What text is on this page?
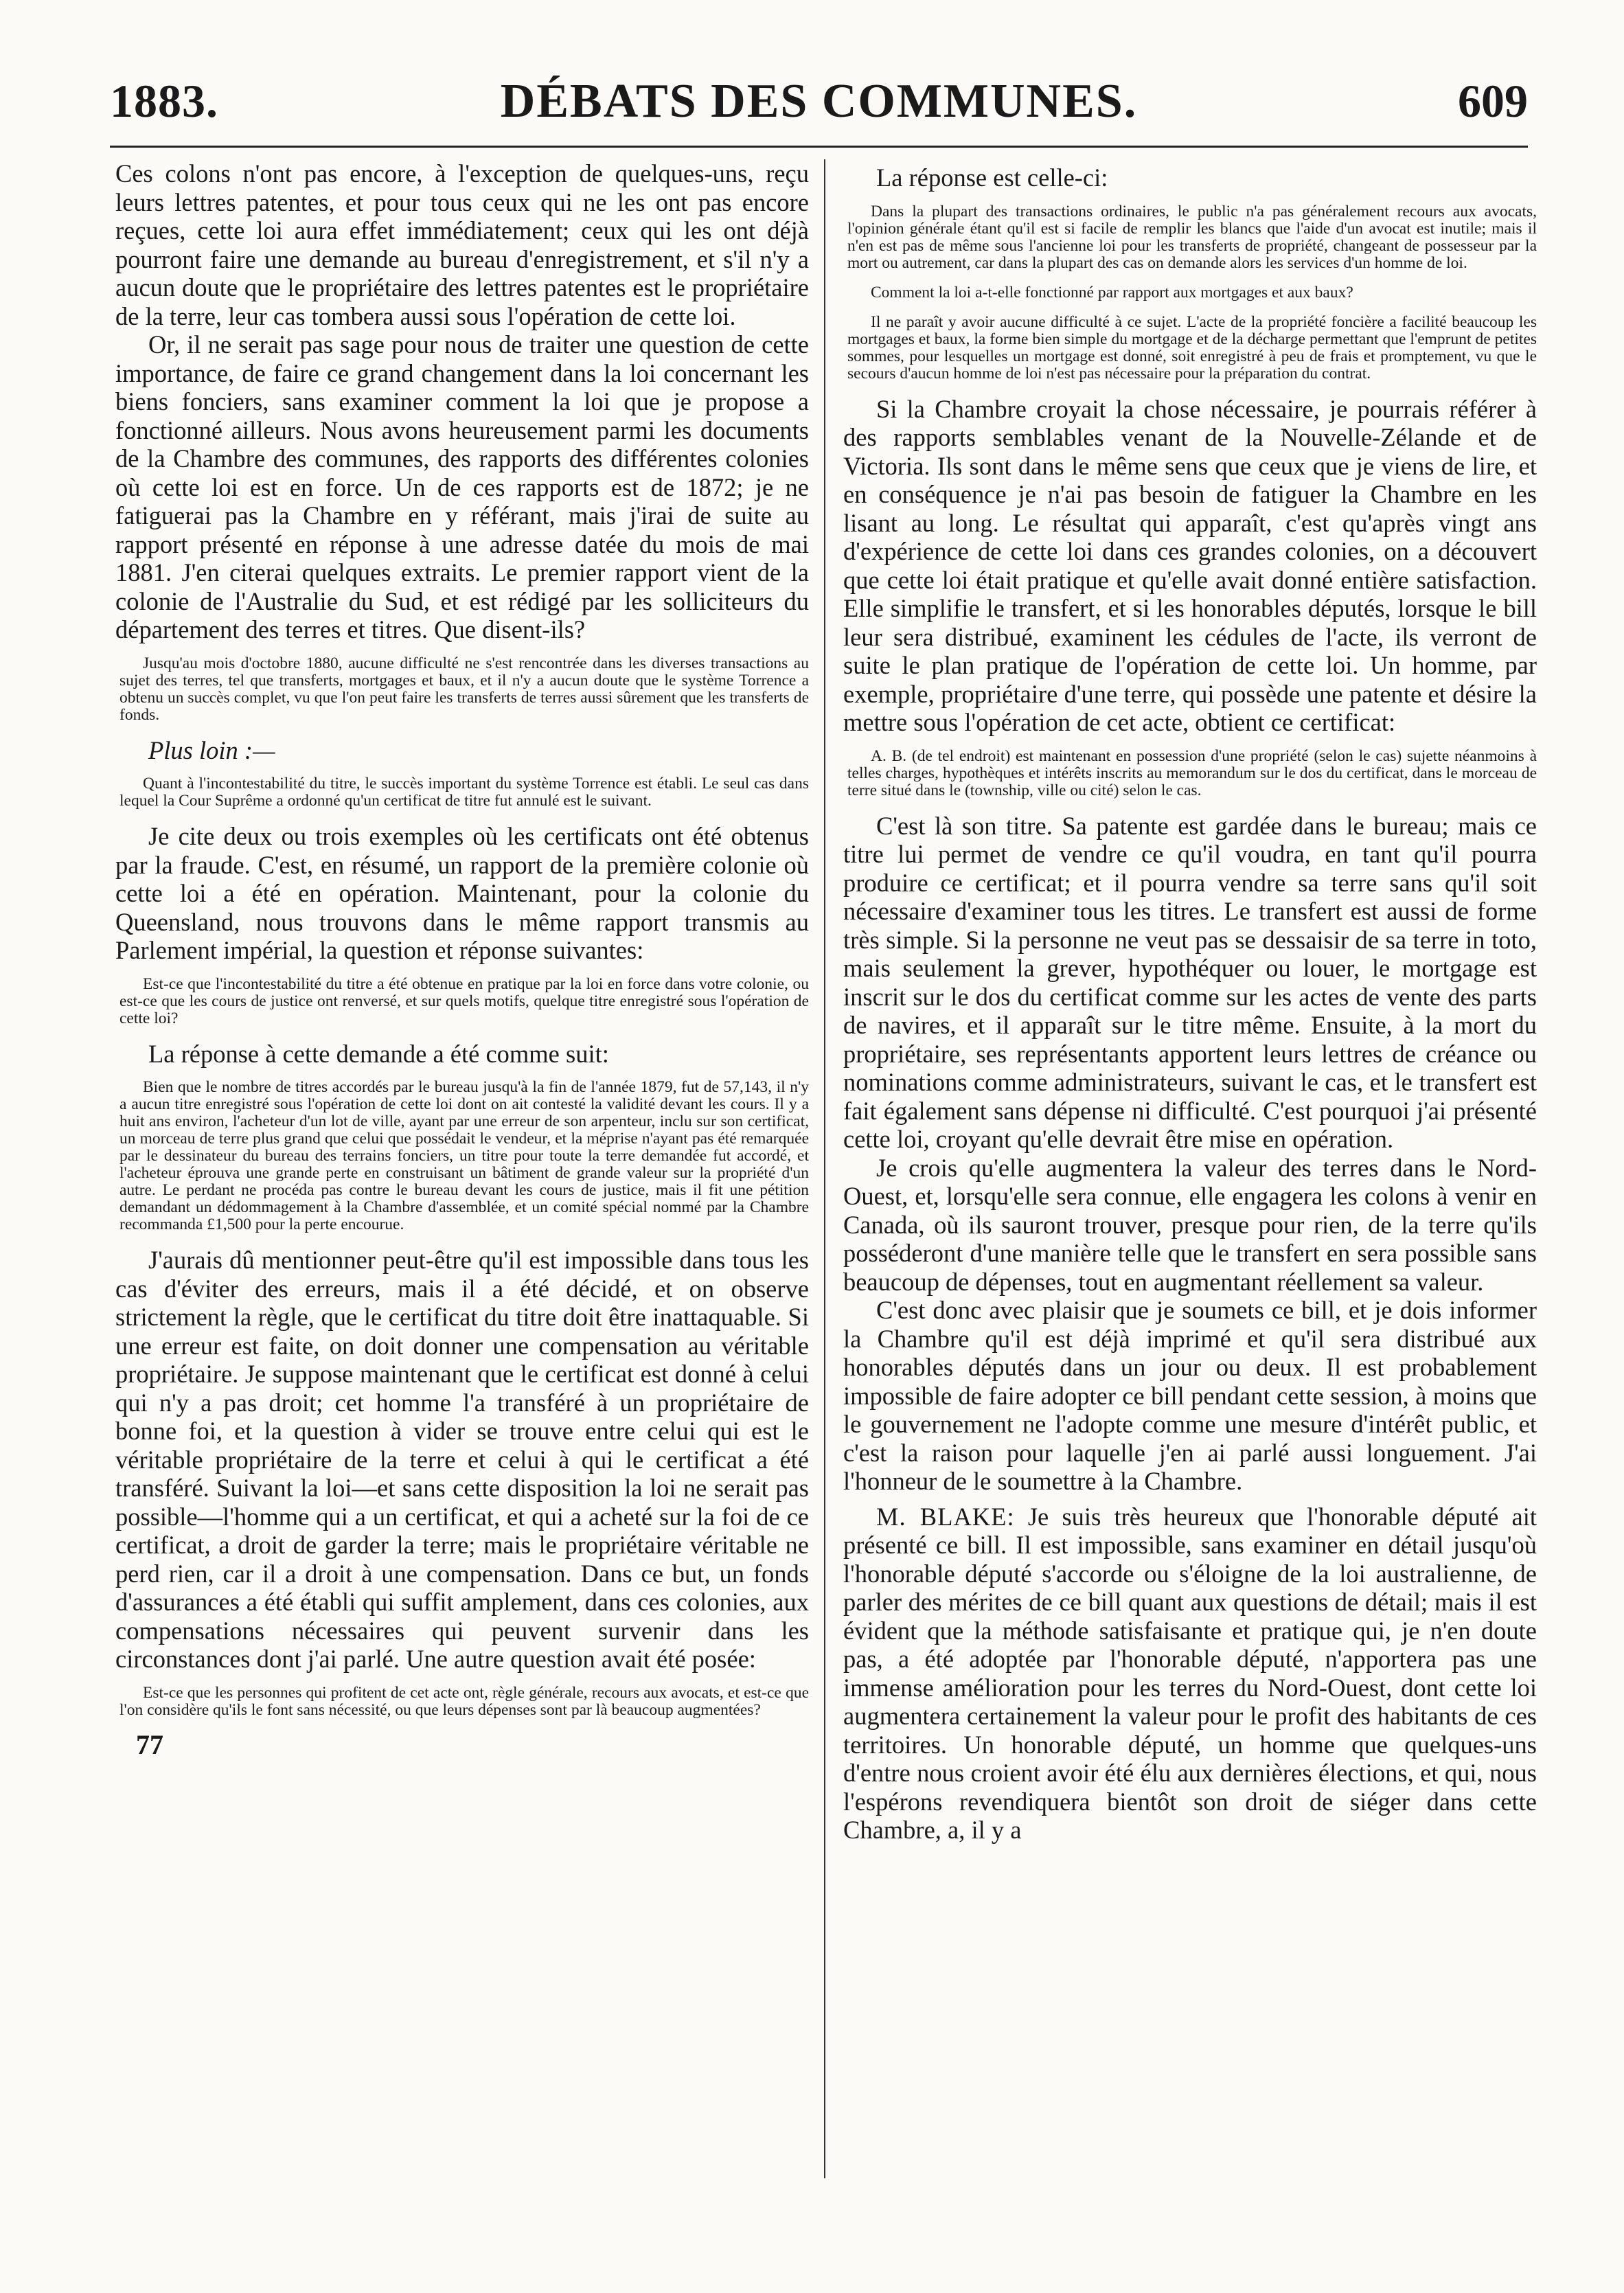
1883.	DÉBATS DES COMMUNES.	609

Ces colons n'ont pas encore, à l'exception de quelques-uns, reçu leurs lettres patentes, et pour tous ceux qui ne les ont pas encore reçues, cette loi aura effet immédiatement; ceux qui les ont déjà pourront faire une demande au bureau d'enregistrement, et s'il n'y a aucun doute que le propriétaire des lettres patentes est le propriétaire de la terre, leur cas tombera aussi sous l'opération de cette loi.

Or, il ne serait pas sage pour nous de traiter une question de cette importance, de faire ce grand changement dans la loi concernant les biens fonciers, sans examiner comment la loi que je propose a fonctionné ailleurs. Nous avons heureusement parmi les documents de la Chambre des communes, des rapports des différentes colonies où cette loi est en force. Un de ces rapports est de 1872; je ne fatiguerai pas la Chambre en y référant, mais j'irai de suite au rapport présenté en réponse à une adresse datée du mois de mai 1881. J'en citerai quelques extraits. Le premier rapport vient de la colonie de l'Australie du Sud, et est rédigé par les solliciteurs du département des terres et titres. Que disent-ils?

Jusqu'au mois d'octobre 1880, aucune difficulté ne s'est rencontrée dans les diverses transactions au sujet des terres, tel que transferts, mortgages et baux, et il n'y a aucun doute que le système Torrence a obtenu un succès complet, vu que l'on peut faire les transferts de terres aussi sûrement que les transferts de fonds.

Plus loin :—

Quant à l'incontestabilité du titre, le succès important du système Torrence est établi. Le seul cas dans lequel la Cour Suprême a ordonné qu'un certificat de titre fut annulé est le suivant.

Je cite deux ou trois exemples où les certificats ont été obtenus par la fraude. C'est, en résumé, un rapport de la première colonie où cette loi a été en opération. Maintenant, pour la colonie du Queensland, nous trouvons dans le même rapport transmis au Parlement impérial, la question et réponse suivantes:

Est-ce que l'incontestabilité du titre a été obtenue en pratique par la loi en force dans votre colonie, ou est-ce que les cours de justice ont renversé, et sur quels motifs, quelque titre enregistré sous l'opération de cette loi?

La réponse à cette demande a été comme suit:

Bien que le nombre de titres accordés par le bureau jusqu'à la fin de l'année 1879, fut de 57,143, il n'y a aucun titre enregistré sous l'opération de cette loi dont on ait contesté la validité devant les cours. Il y a huit ans environ, l'acheteur d'un lot de ville, ayant par une erreur de son arpenteur, inclu sur son certificat, un morceau de terre plus grand que celui que possédait le vendeur, et la méprise n'ayant pas été remarquée par le dessinateur du bureau des terrains fonciers, un titre pour toute la terre demandée fut accordé, et l'acheteur éprouva une grande perte en construisant un bâtiment de grande valeur sur la propriété d'un autre. Le perdant ne procéda pas contre le bureau devant les cours de justice, mais il fit une pétition demandant un dédommagement à la Chambre d'assemblée, et un comité spécial nommé par la Chambre recommanda £1,500 pour la perte encourue.

J'aurais dû mentionner peut-être qu'il est impossible dans tous les cas d'éviter des erreurs, mais il a été décidé, et on observe strictement la règle, que le certificat du titre doit être inattaquable. Si une erreur est faite, on doit donner une compensation au véritable propriétaire. Je suppose maintenant que le certificat est donné à celui qui n'y a pas droit; cet homme l'a transféré à un propriétaire de bonne foi, et la question à vider se trouve entre celui qui est le véritable propriétaire de la terre et celui à qui le certificat a été transféré. Suivant la loi—et sans cette disposition la loi ne serait pas possible—l'homme qui a un certificat, et qui a acheté sur la foi de ce certificat, a droit de garder la terre; mais le propriétaire véritable ne perd rien, car il a droit à une compensation. Dans ce but, un fonds d'assurances a été établi qui suffit amplement, dans ces colonies, aux compensations nécessaires qui peuvent survenir dans les circonstances dont j'ai parlé. Une autre question avait été posée:

Est-ce que les personnes qui profitent de cet acte ont, règle générale, recours aux avocats, et est-ce que l'on considère qu'ils le font sans nécessité, ou que leurs dépenses sont par là beaucoup augmentées?

77

La réponse est celle-ci:

Dans la plupart des transactions ordinaires, le public n'a pas généralement recours aux avocats, l'opinion générale étant qu'il est si facile de remplir les blancs que l'aide d'un avocat est inutile; mais il n'en est pas de même sous l'ancienne loi pour les transferts de propriété, changeant de possesseur par la mort ou autrement, car dans la plupart des cas on demande alors les services d'un homme de loi.

Comment la loi a-t-elle fonctionné par rapport aux mortgages et aux baux?

Il ne paraît y avoir aucune difficulté à ce sujet. L'acte de la propriété foncière a facilité beaucoup les mortgages et baux, la forme bien simple du mortgage et de la décharge permettant que l'emprunt de petites sommes, pour lesquelles un mortgage est donné, soit enregistré à peu de frais et promptement, vu que le secours d'aucun homme de loi n'est pas nécessaire pour la préparation du contrat.

Si la Chambre croyait la chose nécessaire, je pourrais référer à des rapports semblables venant de la Nouvelle-Zélande et de Victoria. Ils sont dans le même sens que ceux que je viens de lire, et en conséquence je n'ai pas besoin de fatiguer la Chambre en les lisant au long. Le résultat qui apparaît, c'est qu'après vingt ans d'expérience de cette loi dans ces grandes colonies, on a découvert que cette loi était pratique et qu'elle avait donné entière satisfaction. Elle simplifie le transfert, et si les honorables députés, lorsque le bill leur sera distribué, examinent les cédules de l'acte, ils verront de suite le plan pratique de l'opération de cette loi. Un homme, par exemple, propriétaire d'une terre, qui possède une patente et désire la mettre sous l'opération de cet acte, obtient ce certificat:

A. B. (de tel endroit) est maintenant en possession d'une propriété (selon le cas) sujette néanmoins à telles charges, hypothèques et intérêts inscrits au memorandum sur le dos du certificat, dans le morceau de terre situé dans le (township, ville ou cité) selon le cas.

C'est là son titre. Sa patente est gardée dans le bureau; mais ce titre lui permet de vendre ce qu'il voudra, en tant qu'il pourra produire ce certificat; et il pourra vendre sa terre sans qu'il soit nécessaire d'examiner tous les titres. Le transfert est aussi de forme très simple. Si la personne ne veut pas se dessaisir de sa terre in toto, mais seulement la grever, hypothéquer ou louer, le mortgage est inscrit sur le dos du certificat comme sur les actes de vente des parts de navires, et il apparaît sur le titre même. Ensuite, à la mort du propriétaire, ses représentants apportent leurs lettres de créance ou nominations comme administrateurs, suivant le cas, et le transfert est fait également sans dépense ni difficulté. C'est pourquoi j'ai présenté cette loi, croyant qu'elle devrait être mise en opération.

Je crois qu'elle augmentera la valeur des terres dans le Nord-Ouest, et, lorsqu'elle sera connue, elle engagera les colons à venir en Canada, où ils sauront trouver, presque pour rien, de la terre qu'ils posséderont d'une manière telle que le transfert en sera possible sans beaucoup de dépenses, tout en augmentant réellement sa valeur.

C'est donc avec plaisir que je soumets ce bill, et je dois informer la Chambre qu'il est déjà imprimé et qu'il sera distribué aux honorables députés dans un jour ou deux. Il est probablement impossible de faire adopter ce bill pendant cette session, à moins que le gouvernement ne l'adopte comme une mesure d'intérêt public, et c'est la raison pour laquelle j'en ai parlé aussi longuement. J'ai l'honneur de le soumettre à la Chambre.

M. BLAKE: Je suis très heureux que l'honorable député ait présenté ce bill. Il est impossible, sans examiner en détail jusqu'où l'honorable député s'accorde ou s'éloigne de la loi australienne, de parler des mérites de ce bill quant aux questions de détail; mais il est évident que la méthode satisfaisante et pratique qui, je n'en doute pas, a été adoptée par l'honorable député, n'apportera pas une immense amélioration pour les terres du Nord-Ouest, dont cette loi augmentera certainement la valeur pour le profit des habitants de ces territoires. Un honorable député, un homme que quelques-uns d'entre nous croient avoir été élu aux dernières élections, et qui, nous l'espérons revendiquera bientôt son droit de siéger dans cette Chambre, a, il y a
